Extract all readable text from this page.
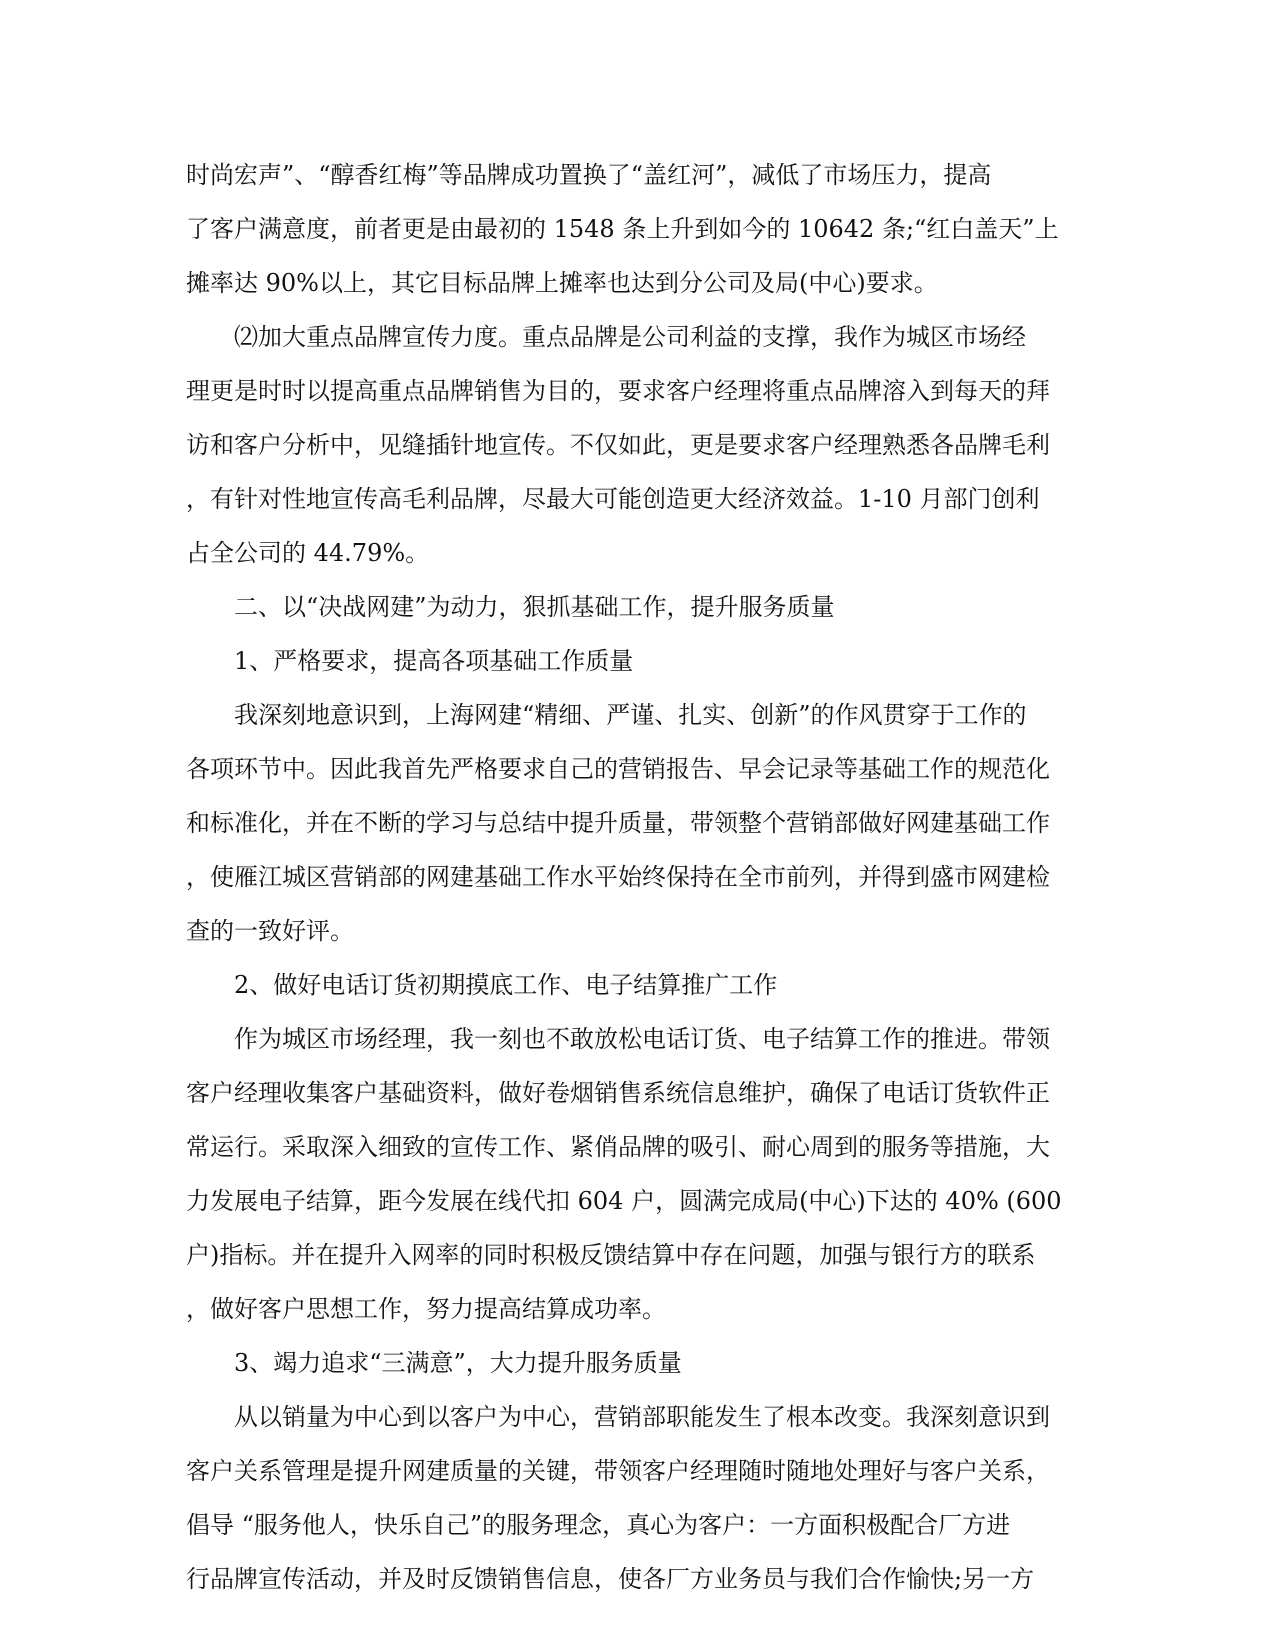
时尚宏声”、“醇香红梅”等品牌成功置换了“盖红河”，减低了市场压力，提高
了客户满意度，前者更是由最初的 1548 条上升到如今的 10642 条;“红白盖天”上
摊率达 90%以上，其它目标品牌上摊率也达到分公司及局(中心)要求。
⑵加大重点品牌宣传力度。重点品牌是公司利益的支撑，我作为城区市场经
理更是时时以提高重点品牌销售为目的，要求客户经理将重点品牌溶入到每天的拜
访和客户分析中，见缝插针地宣传。不仅如此，更是要求客户经理熟悉各品牌毛利
，有针对性地宣传高毛利品牌，尽最大可能创造更大经济效益。1-10 月部门创利
占全公司的 44.79%。
二、以“决战网建”为动力，狠抓基础工作，提升服务质量
1、严格要求，提高各项基础工作质量
我深刻地意识到，上海网建“精细、严谨、扎实、创新”的作风贯穿于工作的
各项环节中。因此我首先严格要求自己的营销报告、早会记录等基础工作的规范化
和标准化，并在不断的学习与总结中提升质量，带领整个营销部做好网建基础工作
，使雁江城区营销部的网建基础工作水平始终保持在全市前列，并得到盛市网建检
查的一致好评。
2、做好电话订货初期摸底工作、电子结算推广工作
作为城区市场经理，我一刻也不敢放松电话订货、电子结算工作的推进。带领
客户经理收集客户基础资料，做好卷烟销售系统信息维护，确保了电话订货软件正
常运行。采取深入细致的宣传工作、紧俏品牌的吸引、耐心周到的服务等措施，大
力发展电子结算，距今发展在线代扣 604 户，圆满完成局(中心)下达的 40% (600
户)指标。并在提升入网率的同时积极反馈结算中存在问题，加强与银行方的联系
，做好客户思想工作，努力提高结算成功率。
3、竭力追求“三满意”，大力提升服务质量
从以销量为中心到以客户为中心，营销部职能发生了根本改变。我深刻意识到
客户关系管理是提升网建质量的关键，带领客户经理随时随地处理好与客户关系，
倡导 “服务他人，快乐自己”的服务理念，真心为客户：一方面积极配合厂方进
行品牌宣传活动，并及时反馈销售信息，使各厂方业务员与我们合作愉快;另一方
